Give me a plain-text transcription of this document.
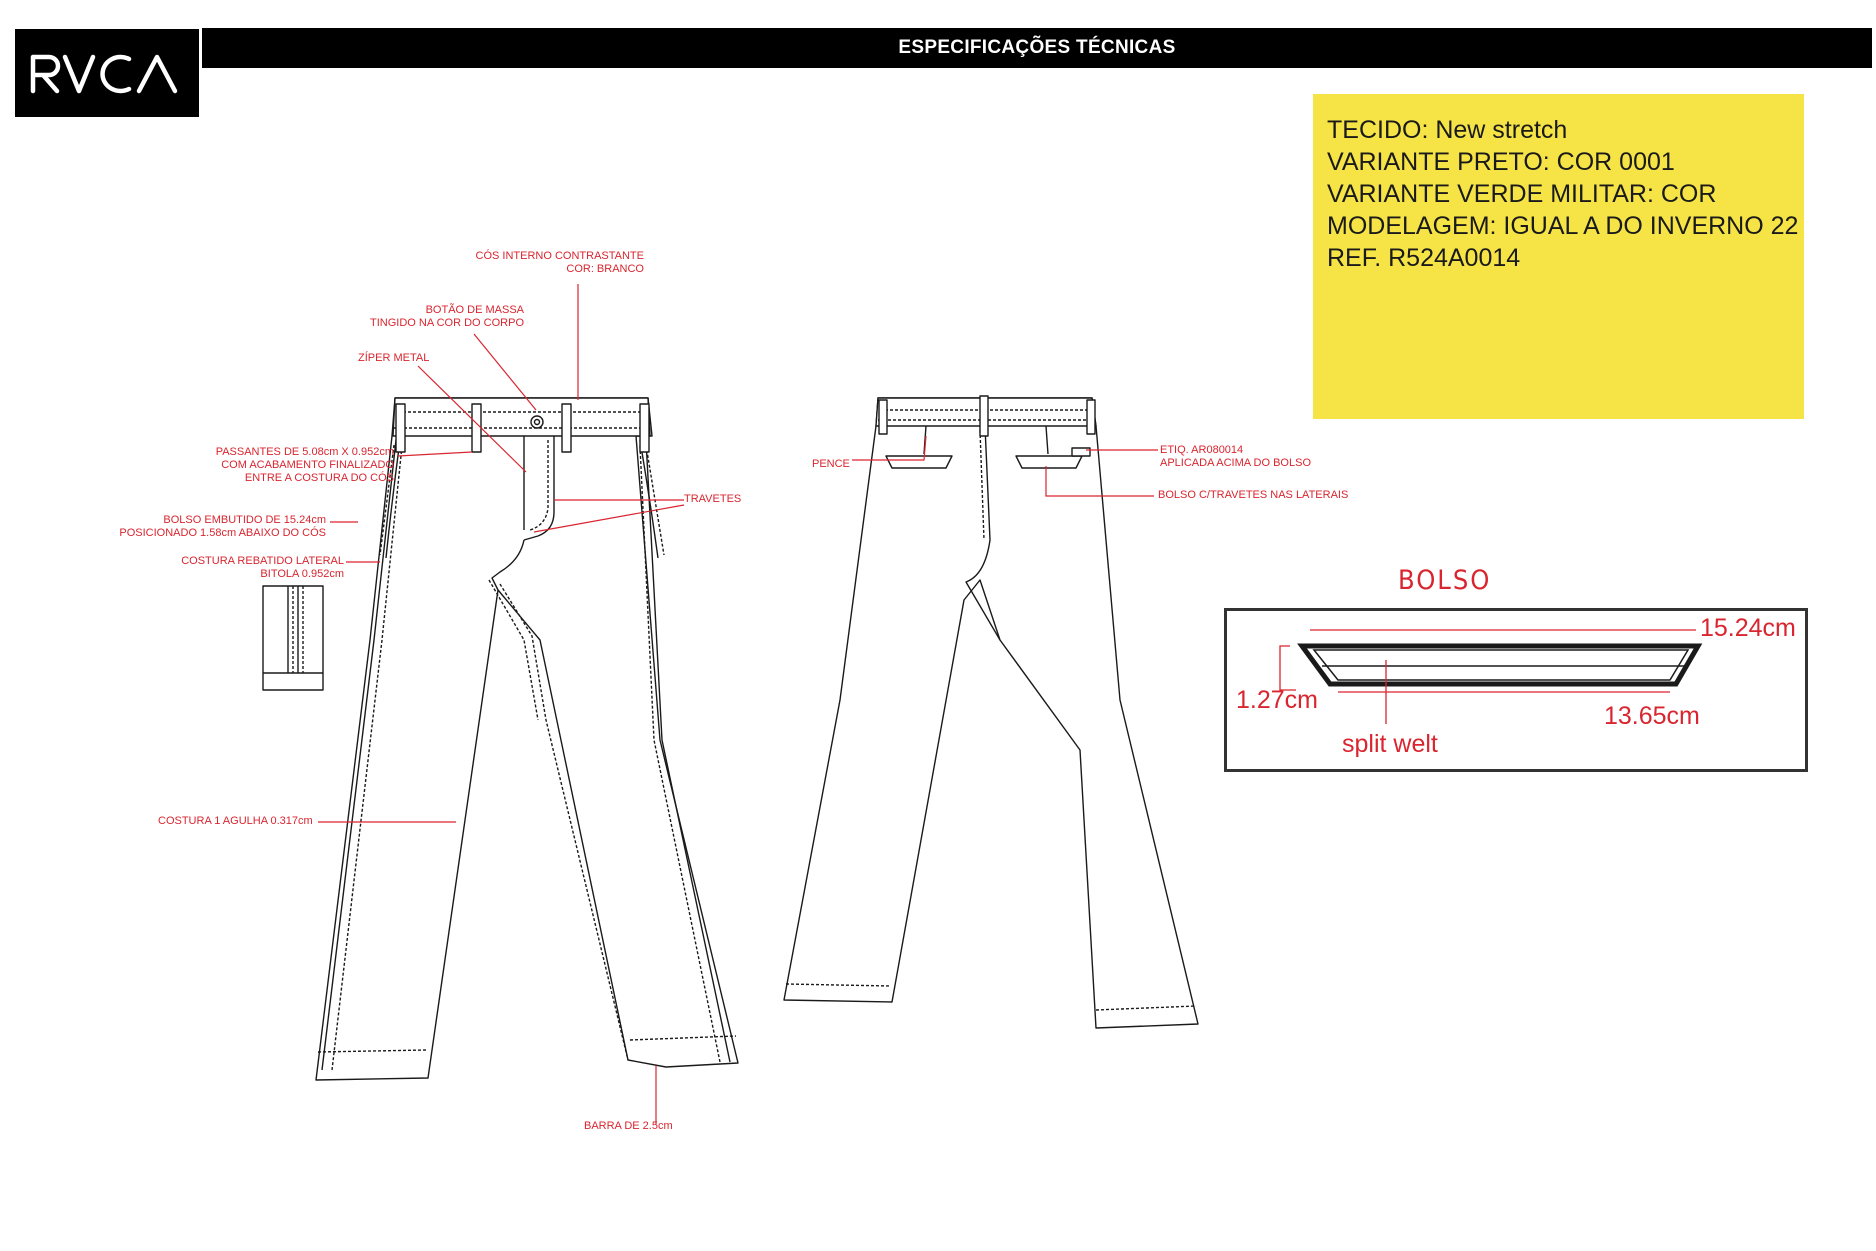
ESPECIFICAÇÕES TÉCNICAS
TECIDO: New stretch
VARIANTE PRETO: COR 0001
VARIANTE VERDE MILITAR: COR
MODELAGEM: IGUAL A DO INVERNO 22
REF. R524A0014
CÓS INTERNO CONTRASTANTE
COR: BRANCO
BOTÃO DE MASSA
TINGIDO NA COR DO CORPO
ZÍPER METAL
PASSANTES DE 5.08cm X 0.952cm
COM ACABAMENTO FINALIZADO
ENTRE A COSTURA DO CÓS
TRAVETES
BOLSO EMBUTIDO DE 15.24cm
POSICIONADO 1.58cm ABAIXO DO CÓS
COSTURA REBATIDO LATERAL
BITOLA 0.952cm
COSTURA 1 AGULHA 0.317cm
BARRA DE 2.5cm
PENCE
ETIQ. AR080014
APLICADA ACIMA DO BOLSO
BOLSO C/TRAVETES NAS LATERAIS
BOLSO
15.24cm
1.27cm
13.65cm
split welt
